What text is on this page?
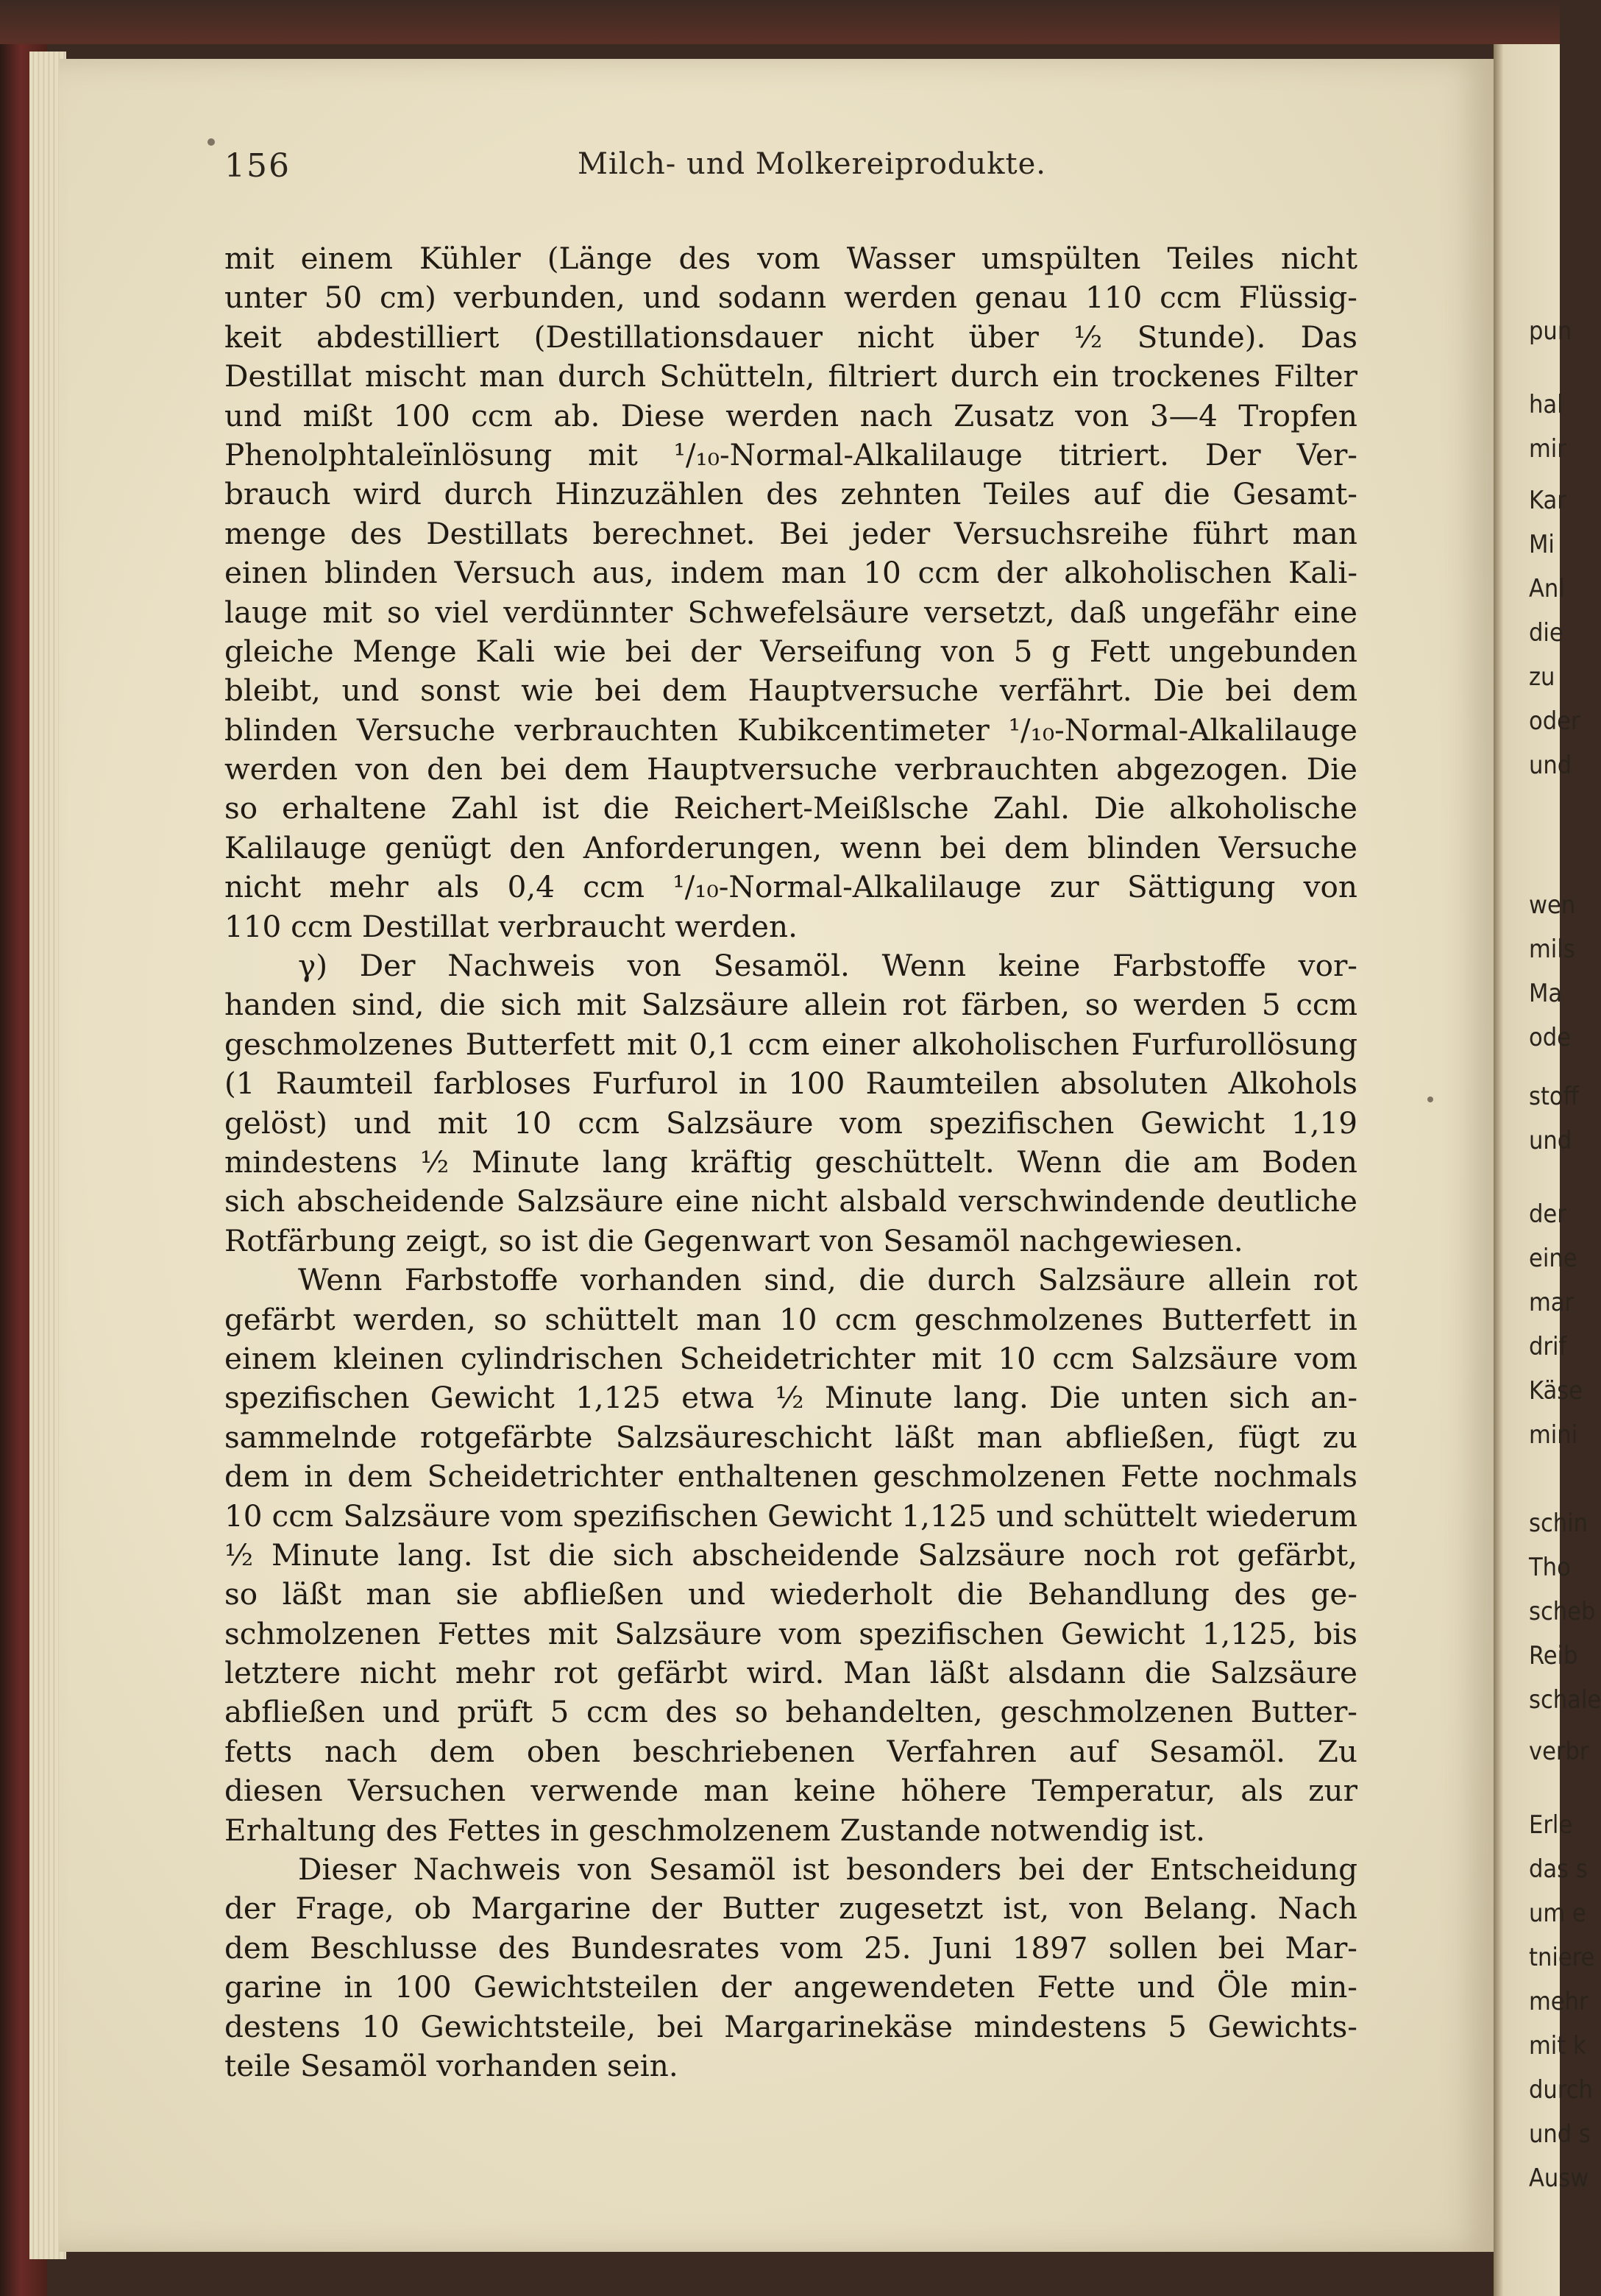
pun
hal
mir
Kar
Mi
Anl
die
zu
oder
und
wen
mils
Ma
ode
stoff
und
der
eine
mar
drif
Käse
mini
schin
Tho
scheb
Reib
schale
verbr
Erle
das s
um e
tniere
mehr
mit k
durch
und s
Ausw
156	Milch- und Molkereiprodukte.
mit einem Kühler (Länge des vom Wasser umspülten Teiles nicht
unter 50 cm) verbunden, und sodann werden genau 110 ccm Flüssig-
keit abdestilliert (Destillationsdauer nicht über ½ Stunde). Das
Destillat mischt man durch Schütteln, filtriert durch ein trockenes Filter
und mißt 100 ccm ab. Diese werden nach Zusatz von 3—4 Tropfen
Phenolphtaleïnlösung mit ¹/₁₀-Normal-Alkalilauge titriert. Der Ver-
brauch wird durch Hinzuzählen des zehnten Teiles auf die Gesamt-
menge des Destillats berechnet. Bei jeder Versuchsreihe führt man
einen blinden Versuch aus, indem man 10 ccm der alkoholischen Kali-
lauge mit so viel verdünnter Schwefelsäure versetzt, daß ungefähr eine
gleiche Menge Kali wie bei der Verseifung von 5 g Fett ungebunden
bleibt, und sonst wie bei dem Hauptversuche verfährt. Die bei dem
blinden Versuche verbrauchten Kubikcentimeter ¹/₁₀-Normal-Alkalilauge
werden von den bei dem Hauptversuche verbrauchten abgezogen. Die
so erhaltene Zahl ist die Reichert-Meißlsche Zahl. Die alkoholische
Kalilauge genügt den Anforderungen, wenn bei dem blinden Versuche
nicht mehr als 0,4 ccm ¹/₁₀-Normal-Alkalilauge zur Sättigung von
110 ccm Destillat verbraucht werden.
γ) Der Nachweis von Sesamöl. Wenn keine Farbstoffe vor-
handen sind, die sich mit Salzsäure allein rot färben, so werden 5 ccm
geschmolzenes Butterfett mit 0,1 ccm einer alkoholischen Furfurollösung
(1 Raumteil farbloses Furfurol in 100 Raumteilen absoluten Alkohols
gelöst) und mit 10 ccm Salzsäure vom spezifischen Gewicht 1,19
mindestens ½ Minute lang kräftig geschüttelt. Wenn die am Boden
sich abscheidende Salzsäure eine nicht alsbald verschwindende deutliche
Rotfärbung zeigt, so ist die Gegenwart von Sesamöl nachgewiesen.
Wenn Farbstoffe vorhanden sind, die durch Salzsäure allein rot
gefärbt werden, so schüttelt man 10 ccm geschmolzenes Butterfett in
einem kleinen cylindrischen Scheidetrichter mit 10 ccm Salzsäure vom
spezifischen Gewicht 1,125 etwa ½ Minute lang. Die unten sich an-
sammelnde rotgefärbte Salzsäureschicht läßt man abfließen, fügt zu
dem in dem Scheidetrichter enthaltenen geschmolzenen Fette nochmals
10 ccm Salzsäure vom spezifischen Gewicht 1,125 und schüttelt wiederum
½ Minute lang. Ist die sich abscheidende Salzsäure noch rot gefärbt,
so läßt man sie abfließen und wiederholt die Behandlung des ge-
schmolzenen Fettes mit Salzsäure vom spezifischen Gewicht 1,125, bis
letztere nicht mehr rot gefärbt wird. Man läßt alsdann die Salzsäure
abfließen und prüft 5 ccm des so behandelten, geschmolzenen Butter-
fetts nach dem oben beschriebenen Verfahren auf Sesamöl. Zu
diesen Versuchen verwende man keine höhere Temperatur, als zur
Erhaltung des Fettes in geschmolzenem Zustande notwendig ist.
Dieser Nachweis von Sesamöl ist besonders bei der Entscheidung
der Frage, ob Margarine der Butter zugesetzt ist, von Belang. Nach
dem Beschlusse des Bundesrates vom 25. Juni 1897 sollen bei Mar-
garine in 100 Gewichtsteilen der angewendeten Fette und Öle min-
destens 10 Gewichtsteile, bei Margarinekäse mindestens 5 Gewichts-
teile Sesamöl vorhanden sein.
